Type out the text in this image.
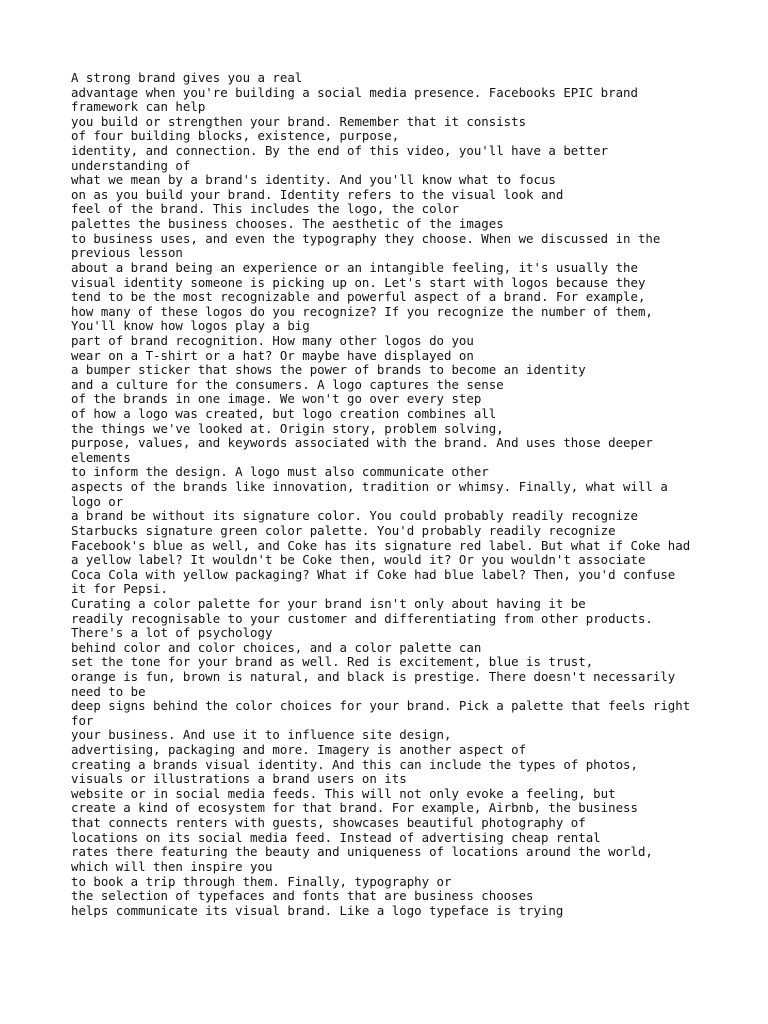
A strong brand gives you a real
advantage when you're building a social media presence. Facebooks EPIC brand
framework can help
you build or strengthen your brand. Remember that it consists
of four building blocks, existence, purpose,
identity, and connection. By the end of this video, you'll have a better
understanding of
what we mean by a brand's identity. And you'll know what to focus
on as you build your brand. Identity refers to the visual look and
feel of the brand. This includes the logo, the color
palettes the business chooses. The aesthetic of the images
to business uses, and even the typography they choose. When we discussed in the
previous lesson
about a brand being an experience or an intangible feeling, it's usually the
visual identity someone is picking up on. Let's start with logos because they
tend to be the most recognizable and powerful aspect of a brand. For example,
how many of these logos do you recognize? If you recognize the number of them,
You'll know how logos play a big
part of brand recognition. How many other logos do you
wear on a T-shirt or a hat? Or maybe have displayed on
a bumper sticker that shows the power of brands to become an identity
and a culture for the consumers. A logo captures the sense
of the brands in one image. We won't go over every step
of how a logo was created, but logo creation combines all
the things we've looked at. Origin story, problem solving,
purpose, values, and keywords associated with the brand. And uses those deeper
elements
to inform the design. A logo must also communicate other
aspects of the brands like innovation, tradition or whimsy. Finally, what will a
logo or
a brand be without its signature color. You could probably readily recognize
Starbucks signature green color palette. You'd probably readily recognize
Facebook's blue as well, and Coke has its signature red label. But what if Coke had
a yellow label? It wouldn't be Coke then, would it? Or you wouldn't associate
Coca Cola with yellow packaging? What if Coke had blue label? Then, you'd confuse
it for Pepsi.
Curating a color palette for your brand isn't only about having it be
readily recognisable to your customer and differentiating from other products.
There's a lot of psychology
behind color and color choices, and a color palette can
set the tone for your brand as well. Red is excitement, blue is trust,
orange is fun, brown is natural, and black is prestige. There doesn't necessarily
need to be
deep signs behind the color choices for your brand. Pick a palette that feels right
for
your business. And use it to influence site design,
advertising, packaging and more. Imagery is another aspect of
creating a brands visual identity. And this can include the types of photos,
visuals or illustrations a brand users on its
website or in social media feeds. This will not only evoke a feeling, but
create a kind of ecosystem for that brand. For example, Airbnb, the business
that connects renters with guests, showcases beautiful photography of
locations on its social media feed. Instead of advertising cheap rental
rates there featuring the beauty and uniqueness of locations around the world,
which will then inspire you
to book a trip through them. Finally, typography or
the selection of typefaces and fonts that are business chooses
helps communicate its visual brand. Like a logo typeface is trying
